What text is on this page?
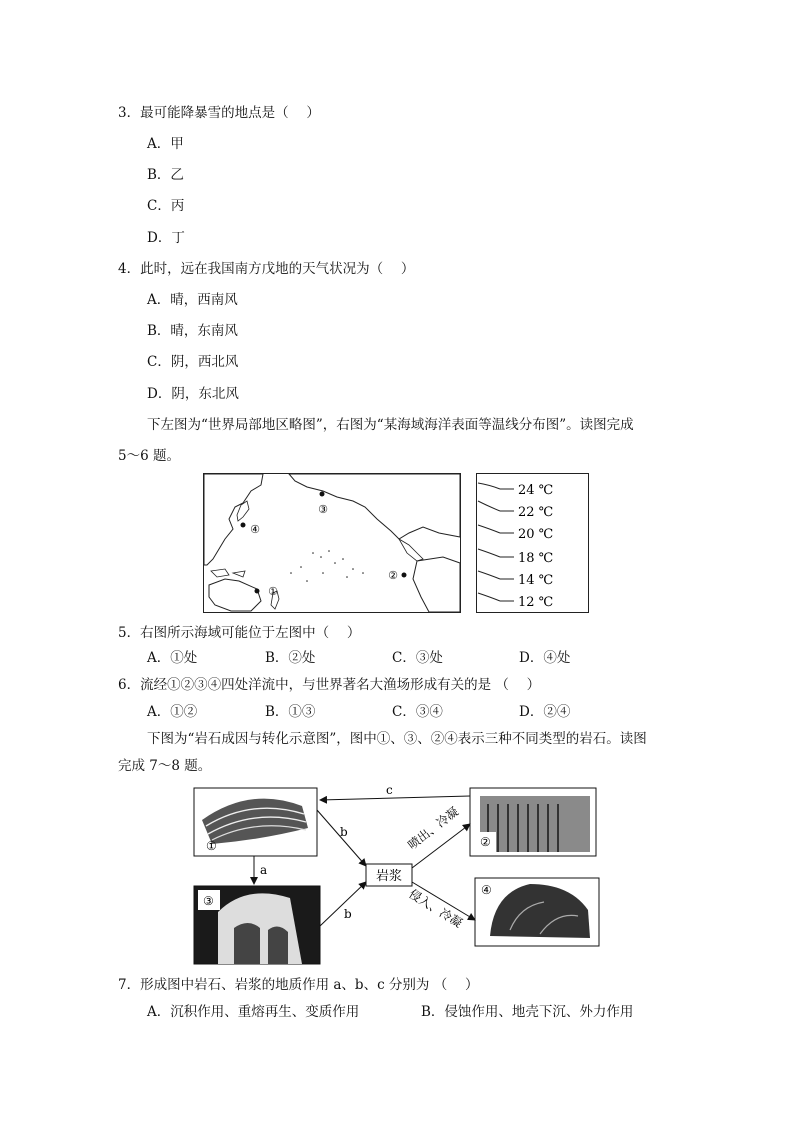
3．最可能降暴雪的地点是（　 ）
A．甲
B．乙
C．丙
D．丁
4．此时，远在我国南方戊地的天气状况为（　 ）
A．晴，西南风
B．晴，东南风
C．阴，西北风
D．阴，东北风
下左图为“世界局部地区略图”，右图为“某海域海洋表面等温线分布图”。读图完成
5～6 题。
①
②
③
④
24 ℃
22 ℃
20 ℃
18 ℃
14 ℃
12 ℃
5．右图所示海域可能位于左图中（　 ）
A．①处	B．②处	C．③处	D．④处
6．流经①②③④四处洋流中，与世界著名大渔场形成有关的是 （　 ）
A．①②	B．①③	C．③④	D．②④
下图为“岩石成因与转化示意图”，图中①、③、②④表示三种不同类型的岩石。读图
完成 7～8 题。
①	②
③
④
岩浆
c
a
b
b
喷出、冷凝
侵入、冷凝
7．形成图中岩石、岩浆的地质作用 a、b、c 分别为 （　 ）
A．沉积作用、重熔再生、变质作用	B．侵蚀作用、地壳下沉、外力作用
